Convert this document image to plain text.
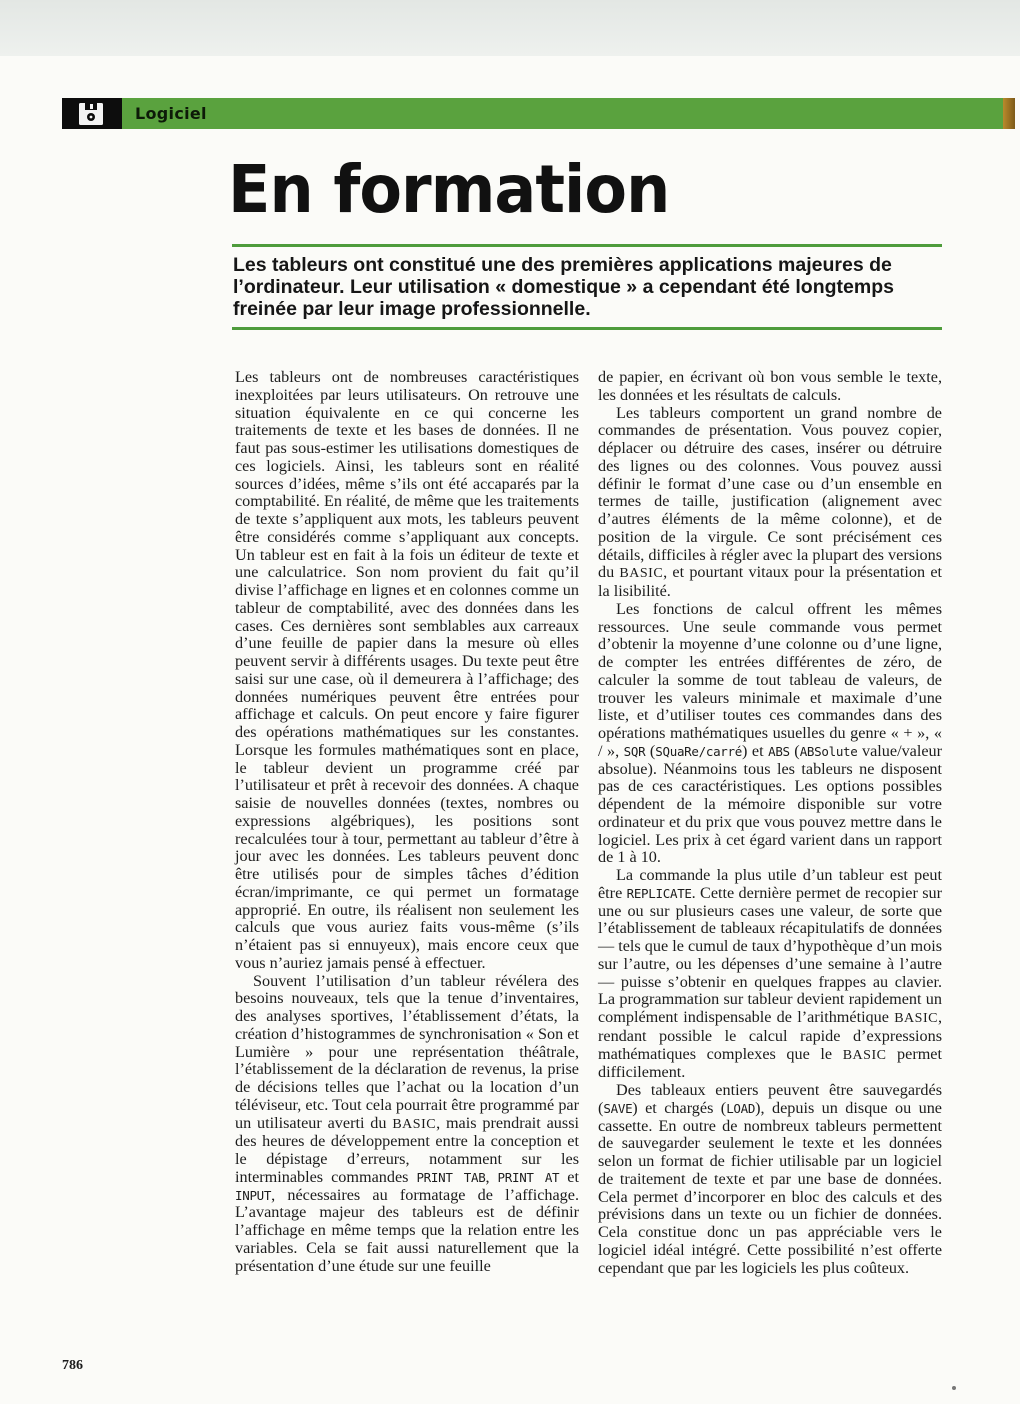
Logiciel
En formation
Les tableurs ont constitué une des premières applications majeures de l’ordinateur. Leur utilisation « domestique » a cependant été longtemps freinée par leur image professionnelle.

Les tableurs ont de nombreuses caractéristiques inexploitées par leurs utilisateurs. On retrouve une situation équivalente en ce qui concerne les traitements de texte et les bases de données. Il ne faut pas sous-estimer les utilisations domestiques de ces logiciels. Ainsi, les tableurs sont en réalité sources d’idées, même s’ils ont été accaparés par la comptabilité. En réalité, de même que les traitements de texte s’appliquent aux mots, les tableurs peuvent être considérés comme s’appliquant aux concepts. Un tableur est en fait à la fois un éditeur de texte et une calculatrice. Son nom provient du fait qu’il divise l’affichage en lignes et en colonnes comme un tableur de comptabilité, avec des données dans les cases. Ces dernières sont semblables aux carreaux d’une feuille de papier dans la mesure où elles peuvent servir à différents usages. Du texte peut être saisi sur une case, où il demeurera à l’affichage; des données numériques peuvent être entrées pour affichage et calculs. On peut encore y faire figurer des opérations mathématiques sur les constantes. Lorsque les formules mathématiques sont en place, le tableur devient un programme créé par l’utilisateur et prêt à recevoir des données. A chaque saisie de nouvelles données (textes, nombres ou expressions algébriques), les positions sont recalculées tour à tour, permettant au tableur d’être à jour avec les données. Les tableurs peuvent donc être utilisés pour de simples tâches d’édition écran/imprimante, ce qui permet un formatage approprié. En outre, ils réalisent non seulement les calculs que vous auriez faits vous-même (s’ils n’étaient pas si ennuyeux), mais encore ceux que vous n’auriez jamais pensé à effectuer.

Souvent l’utilisation d’un tableur révélera des besoins nouveaux, tels que la tenue d’inventaires, des analyses sportives, l’établissement d’états, la création d’histogrammes de synchronisation « Son et Lumière » pour une représentation théâtrale, l’établissement de la déclaration de revenus, la prise de décisions telles que l’achat ou la location d’un téléviseur, etc. Tout cela pourrait être programmé par un utilisateur averti du BASIC, mais prendrait aussi des heures de développement entre la conception et le dépistage d’erreurs, notamment sur les interminables commandes PRINT TAB, PRINT AT et INPUT, nécessaires au formatage de l’affichage. L’avantage majeur des tableurs est de définir l’affichage en même temps que la relation entre les variables. Cela se fait aussi naturellement que la présentation d’une étude sur une feuille

de papier, en écrivant où bon vous semble le texte, les données et les résultats de calculs.

Les tableurs comportent un grand nombre de commandes de présentation. Vous pouvez copier, déplacer ou détruire des cases, insérer ou détruire des lignes ou des colonnes. Vous pouvez aussi définir le format d’une case ou d’un ensemble en termes de taille, justification (alignement avec d’autres éléments de la même colonne), et de position de la virgule. Ce sont précisément ces détails, difficiles à régler avec la plupart des versions du BASIC, et pourtant vitaux pour la présentation et la lisibilité.

Les fonctions de calcul offrent les mêmes ressources. Une seule commande vous permet d’obtenir la moyenne d’une colonne ou d’une ligne, de compter les entrées différentes de zéro, de calculer la somme de tout tableau de valeurs, de trouver les valeurs minimale et maximale d’une liste, et d’utiliser toutes ces commandes dans des opérations mathématiques usuelles du genre « + », « / », SQR (SQuaRe/carré) et ABS (ABSolute value/valeur absolue). Néanmoins tous les tableurs ne disposent pas de ces caractéristiques. Les options possibles dépendent de la mémoire disponible sur votre ordinateur et du prix que vous pouvez mettre dans le logiciel. Les prix à cet égard varient dans un rapport de 1 à 10.

La commande la plus utile d’un tableur est peut être REPLICATE. Cette dernière permet de recopier sur une ou sur plusieurs cases une valeur, de sorte que l’établissement de tableaux récapitulatifs de données — tels que le cumul de taux d’hypothèque d’un mois sur l’autre, ou les dépenses d’une semaine à l’autre — puisse s’obtenir en quelques frappes au clavier. La programmation sur tableur devient rapidement un complément indispensable de l’arithmétique BASIC, rendant possible le calcul rapide d’expressions mathématiques complexes que le BASIC permet difficilement.

Des tableaux entiers peuvent être sauvegardés (SAVE) et chargés (LOAD), depuis un disque ou une cassette. En outre de nombreux tableurs permettent de sauvegarder seulement le texte et les données selon un format de fichier utilisable par un logiciel de traitement de texte et par une base de données. Cela permet d’incorporer en bloc des calculs et des prévisions dans un texte ou un fichier de données. Cela constitue donc un pas appréciable vers le logiciel idéal intégré. Cette possibilité n’est offerte cependant que par les logiciels les plus coûteux.

786
